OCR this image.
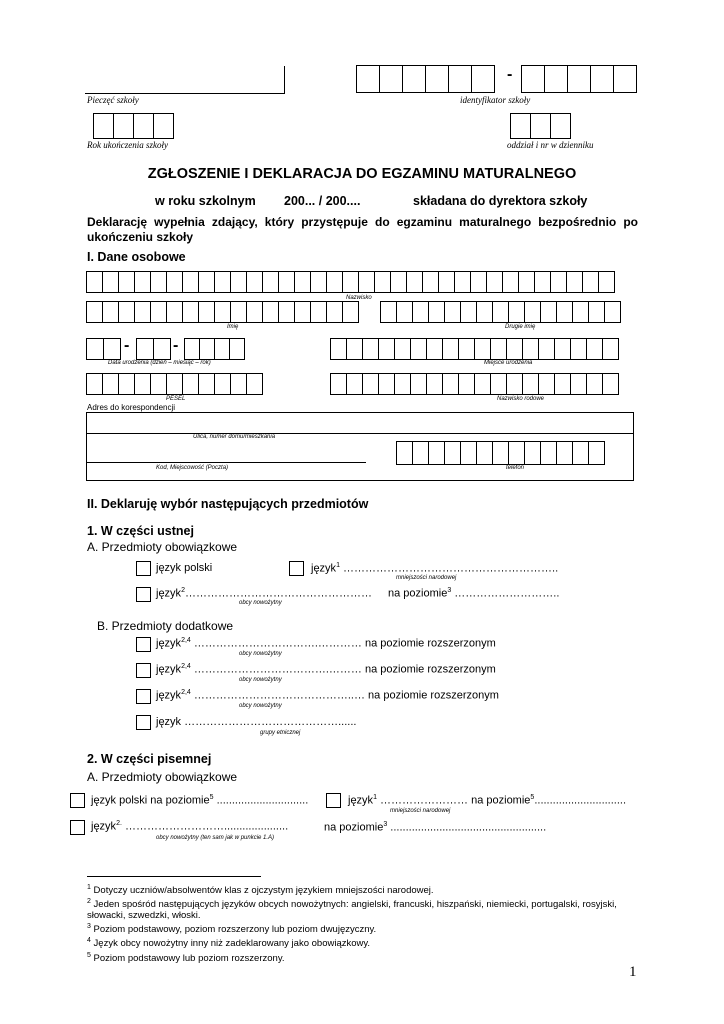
Pieczęć szkoły
-
identyfikator szkoły
Rok ukończenia szkoły	oddział i nr w dzienniku
ZGŁOSZENIE I DEKLARACJA DO EGZAMINU MATURALNEGO
w roku szkolnym 200... / 200....	składana do dyrektora szkoły
Deklarację wypełnia zdający, który przystępuje do egzaminu maturalnego bezpośrednio po ukończeniu szkoły
I. Dane osobowe
Nazwisko
Imię	Drugie imię
-	-
Data urodzenia (dzień – miesiąc – rok)	Miejsce urodzenia
PESEL	Nazwisko rodowe
Adres do korespondencji
Ulica, numer domu/mieszkania
Kod, Miejscowość (Poczta)	telefon
II. Deklaruję wybór następujących przedmiotów
1. W części ustnej
A. Przedmioty obowiązkowe
język polski	język$^1$ …………………………………………………..
mniejszości narodowej
język$^2$…………………………………………… na poziomie$^3$ ………………………..
obcy nowożytny
B. Przedmioty dodatkowe
język$^{2,4}$ …………………………….………… na poziomie rozszerzonym
obcy nowożytny
język$^{2,4}$ ……………………………….……… na poziomie rozszerzonym
obcy nowożytny
język$^{2,4}$ ……………………………………..… na poziomie rozszerzonym
obcy nowożytny
język ……………………………………......
grupy etnicznej
2. W części pisemnej
A. Przedmioty obowiązkowe
język polski na poziomie$^5$ ..............................	język$^1$ …………………… na poziomie$^5$..............................
mniejszości narodowej
język$^{2.}$ ……………………….....................	na poziomie$^3$ ...................................................
obcy nowożytny (ten sam jak w punkcie 1.A)
$^1$ Dotyczy uczniów/absolwentów klas z ojczystym językiem mniejszości narodowej.
$^2$ Jeden spośród następujących języków obcych nowożytnych: angielski, francuski, hiszpański, niemiecki, portugalski, rosyjski, słowacki, szwedzki, włoski.
$^3$ Poziom podstawowy, poziom rozszerzony lub poziom dwujęzyczny.
$^4$ Język obcy nowożytny inny niż zadeklarowany jako obowiązkowy.
$^5$ Poziom podstawowy lub poziom rozszerzony.
1
